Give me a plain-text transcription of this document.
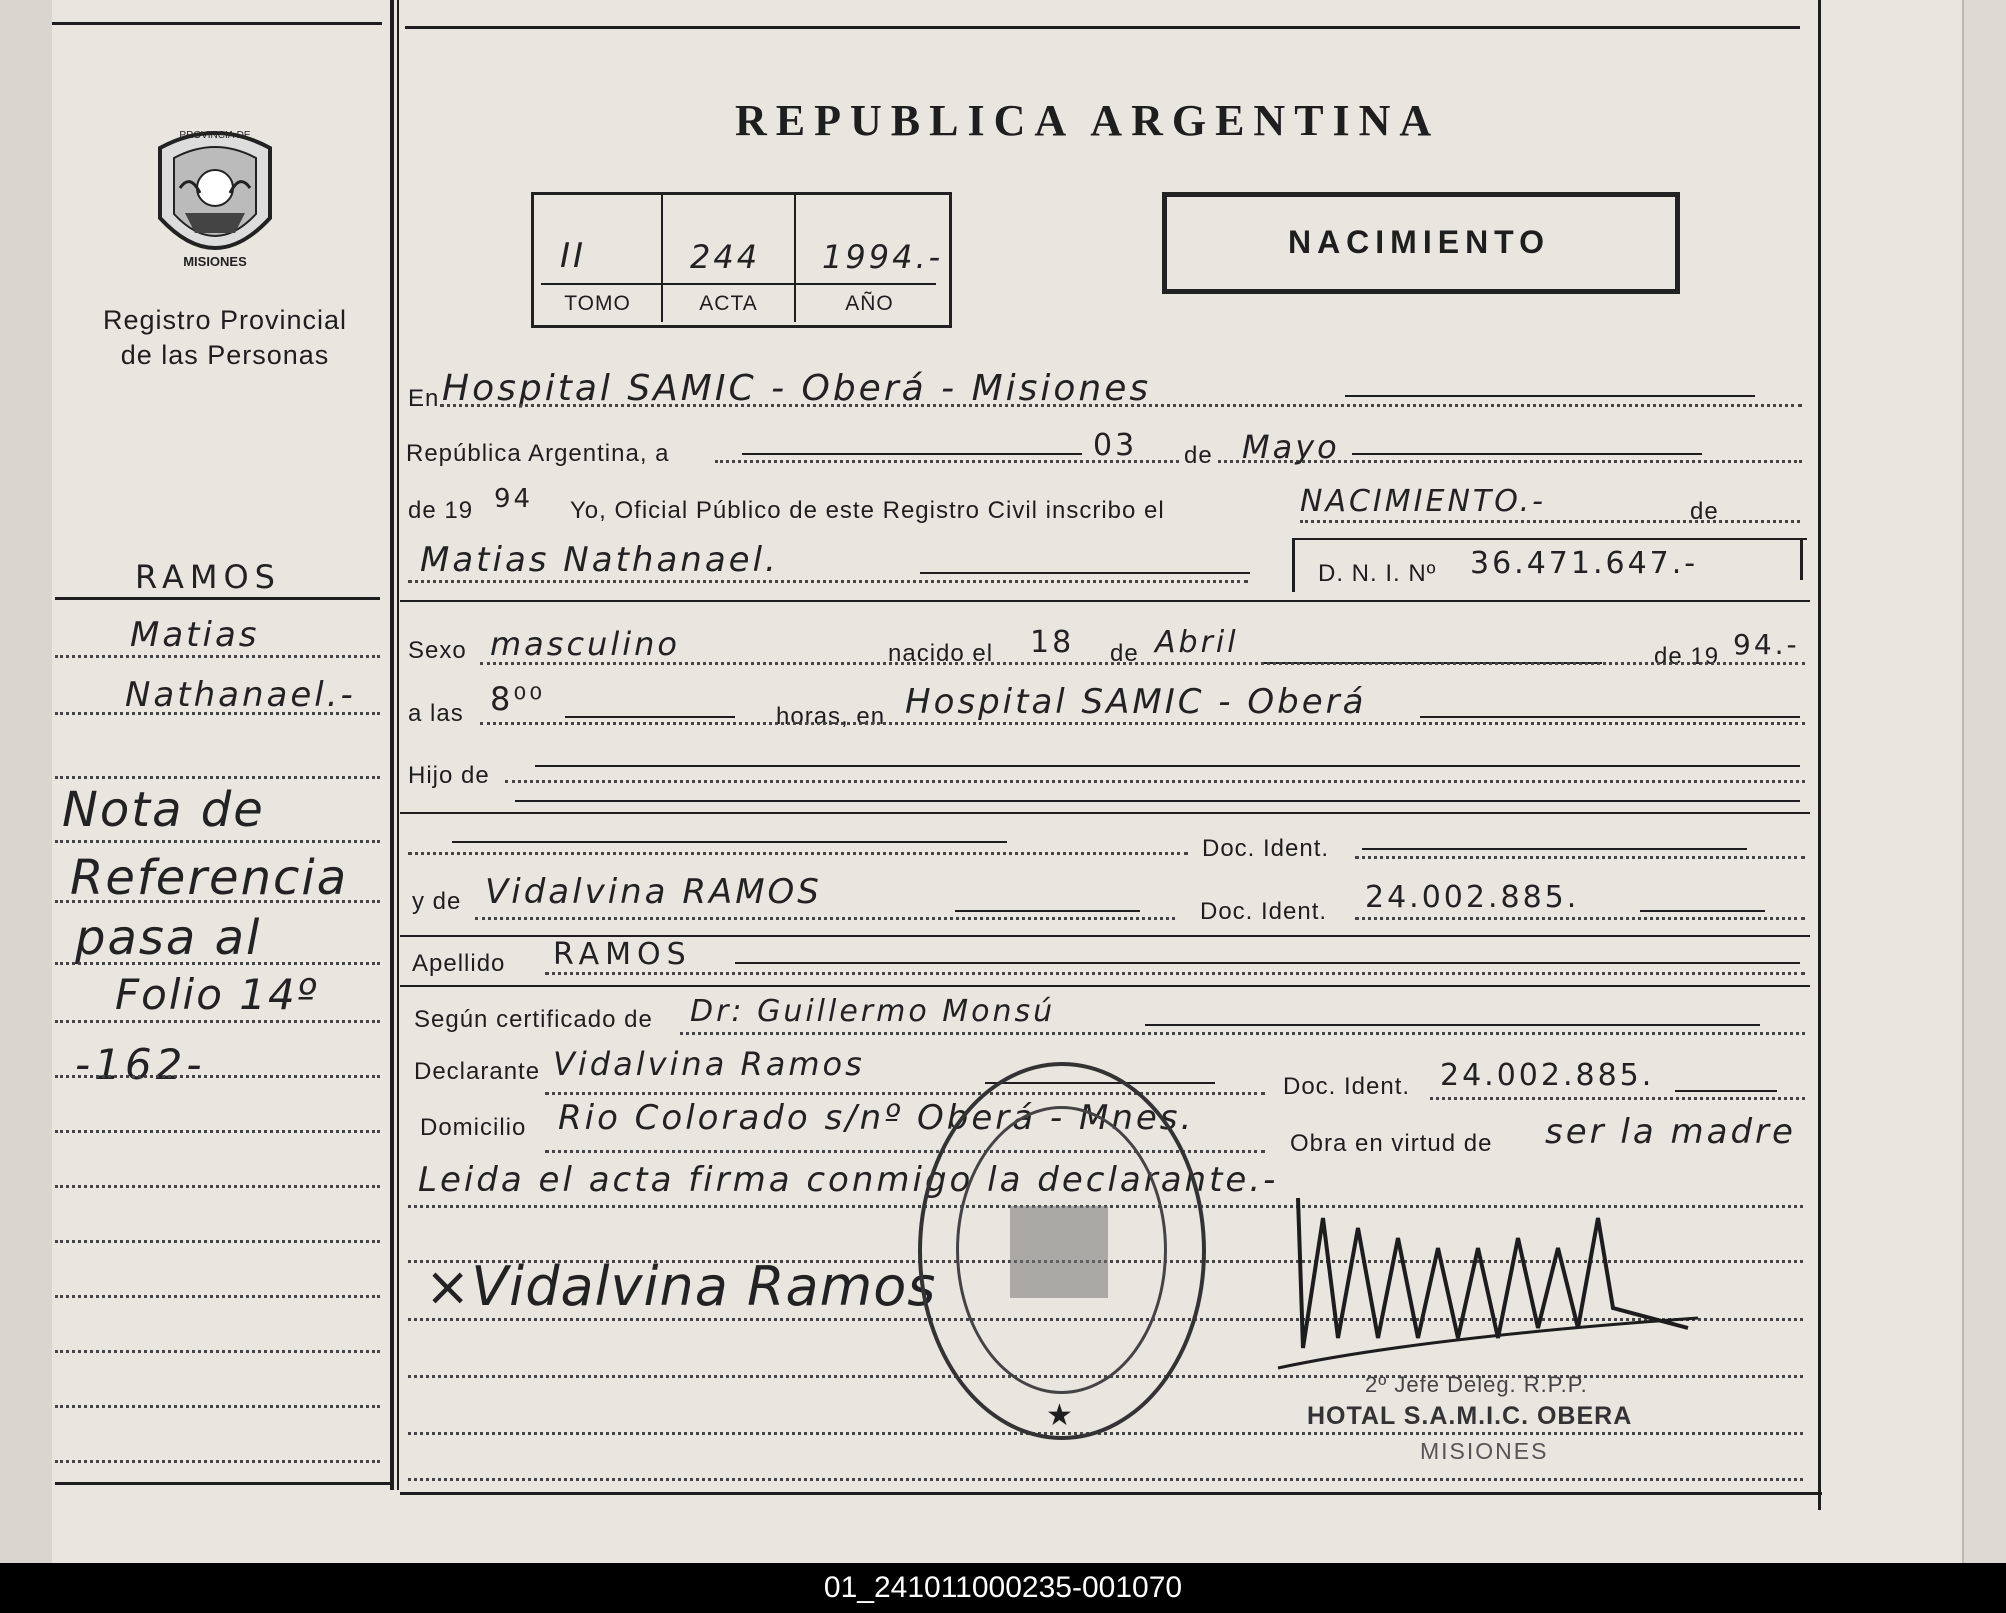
MISIONES
PROVINCIA DE
Registro Provincial
de las Personas
REPUBLICA ARGENTINA
II	244 1994.-
TOMO	ACTA	AÑO
NACIMIENTO
RAMOS
Matias
Nathanael.-
Nota de
Referencia
pasa al
Folio 14º
-162-
En Hospital SAMIC - Oberá - Misiones
República Argentina, a	03 de Mayo
de 19 94 Yo, Oficial Público de este Registro Civil inscribo el	NACIMIENTO.-	de
Matias Nathanael.	D. N. I. Nº 36.471.647.-
Sexo masculino	nacido el 18 de Abril	de 19 94.-
a las 8⁰⁰	horas, en Hospital SAMIC - Oberá
Hijo de
Doc. Ident.
y de Vidalvina RAMOS	Doc. Ident. 24.002.885.
Apellido RAMOS
Según certificado de Dr: Guillermo Monsú
Declarante Vidalvina Ramos
Doc. Ident. 24.002.885.
Domicilio Rio Colorado s/nº Oberá - Mnes.
Obra en virtud de ser la madre
Leida el acta firma conmigo la declarante.-
×Vidalvina Ramos
★
2º Jefe Deleg. R.P.P.
HOTAL S.A.M.I.C. OBERA
MISIONES
01_241011000235-001070
